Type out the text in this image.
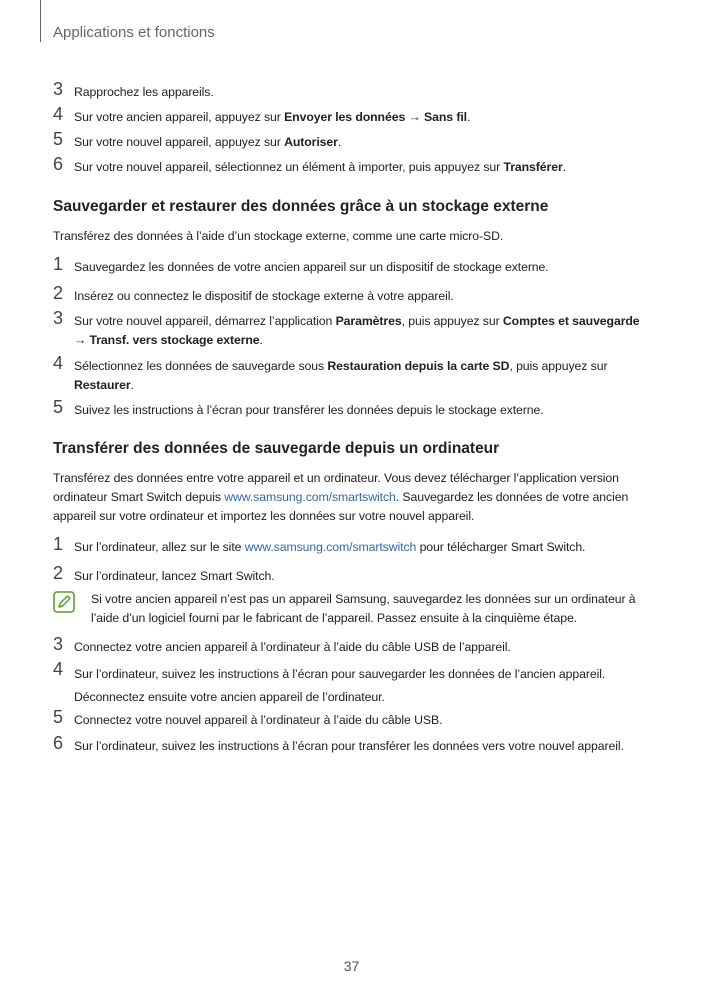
Applications et fonctions
3 Rapprochez les appareils.
4 Sur votre ancien appareil, appuyez sur Envoyer les données → Sans fil.
5 Sur votre nouvel appareil, appuyez sur Autoriser.
6 Sur votre nouvel appareil, sélectionnez un élément à importer, puis appuyez sur Transférer.
Sauvegarder et restaurer des données grâce à un stockage externe
Transférez des données à l’aide d’un stockage externe, comme une carte micro-SD.
1 Sauvegardez les données de votre ancien appareil sur un dispositif de stockage externe.
2 Insérez ou connectez le dispositif de stockage externe à votre appareil.
3 Sur votre nouvel appareil, démarrez l’application Paramètres, puis appuyez sur Comptes et sauvegarde
→ Transf. vers stockage externe.
4 Sélectionnez les données de sauvegarde sous Restauration depuis la carte SD, puis appuyez sur
Restaurer.
5 Suivez les instructions à l’écran pour transférer les données depuis le stockage externe.
Transférer des données de sauvegarde depuis un ordinateur
Transférez des données entre votre appareil et un ordinateur. Vous devez télécharger l’application version
ordinateur Smart Switch depuis www.samsung.com/smartswitch. Sauvegardez les données de votre ancien
appareil sur votre ordinateur et importez les données sur votre nouvel appareil.
1 Sur l’ordinateur, allez sur le site www.samsung.com/smartswitch pour télécharger Smart Switch.
2 Sur l’ordinateur, lancez Smart Switch.
Si votre ancien appareil n’est pas un appareil Samsung, sauvegardez les données sur un ordinateur à
l’aide d’un logiciel fourni par le fabricant de l’appareil. Passez ensuite à la cinquième étape.
3 Connectez votre ancien appareil à l’ordinateur à l’aide du câble USB de l’appareil.
4 Sur l’ordinateur, suivez les instructions à l’écran pour sauvegarder les données de l’ancien appareil.
Déconnectez ensuite votre ancien appareil de l’ordinateur.
5 Connectez votre nouvel appareil à l’ordinateur à l’aide du câble USB.
6 Sur l’ordinateur, suivez les instructions à l’écran pour transférer les données vers votre nouvel appareil.
37
